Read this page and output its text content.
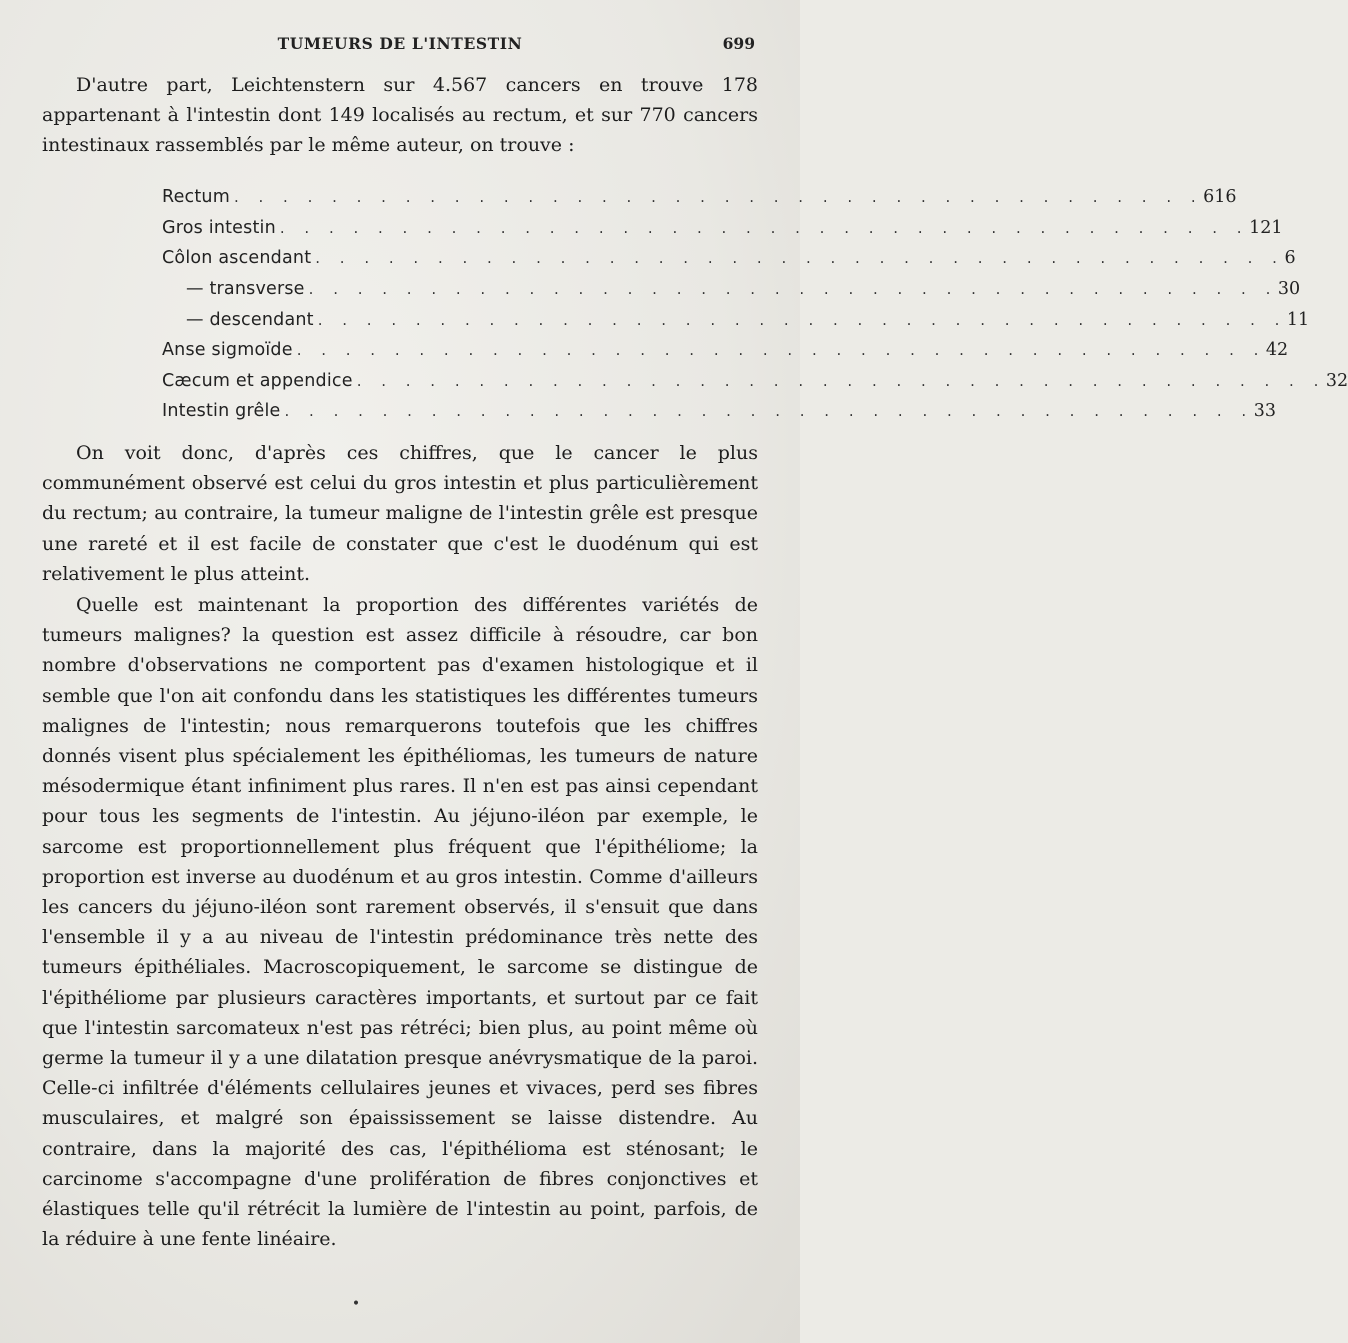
TUMEURS DE L'INTESTIN	699

D'autre part, Leichtenstern sur 4.567 cancers en trouve 178 appartenant à l'intestin dont 149 localisés au rectum, et sur 770 cancers intestinaux rassemblés par le même auteur, on trouve :

Rectum . . . . . . . . . . . . . . . . . . . . . . . . . . . . . . . . . . . . . . . . 616
Gros intestin . . . . . . . . . . . . . . . . . . . . . . . . . . . . . . . . . . . . . . . . 121
Côlon ascendant . . . . . . . . . . . . . . . . . . . . . . . . . . . . . . . . . . . . . . . . 6
— transverse . . . . . . . . . . . . . . . . . . . . . . . . . . . . . . . . . . . . . . . . 30
— descendant . . . . . . . . . . . . . . . . . . . . . . . . . . . . . . . . . . . . . . . . 11
Anse sigmoïde . . . . . . . . . . . . . . . . . . . . . . . . . . . . . . . . . . . . . . . . 42
Cæcum et appendice . . . . . . . . . . . . . . . . . . . . . . . . . . . . . . . . . . . . . . . . 32
Intestin grêle . . . . . . . . . . . . . . . . . . . . . . . . . . . . . . . . . . . . . . . . 33

On voit donc, d'après ces chiffres, que le cancer le plus communément observé est celui du gros intestin et plus particulièrement du rectum; au contraire, la tumeur maligne de l'intestin grêle est presque une rareté et il est facile de constater que c'est le duodénum qui est relativement le plus atteint.

Quelle est maintenant la proportion des différentes variétés de tumeurs malignes? la question est assez difficile à résoudre, car bon nombre d'observations ne comportent pas d'examen histologique et il semble que l'on ait confondu dans les statistiques les différentes tumeurs malignes de l'intestin; nous remarquerons toutefois que les chiffres donnés visent plus spécialement les épithéliomas, les tumeurs de nature mésodermique étant infiniment plus rares. Il n'en est pas ainsi cependant pour tous les segments de l'intestin. Au jéjuno-iléon par exemple, le sarcome est proportionnellement plus fréquent que l'épithéliome; la proportion est inverse au duodénum et au gros intestin. Comme d'ailleurs les cancers du jéjuno-iléon sont rarement observés, il s'ensuit que dans l'ensemble il y a au niveau de l'intestin prédominance très nette des tumeurs épithéliales. Macroscopiquement, le sarcome se distingue de l'épithéliome par plusieurs caractères importants, et surtout par ce fait que l'intestin sarcomateux n'est pas rétréci; bien plus, au point même où germe la tumeur il y a une dilatation presque anévrysmatique de la paroi. Celle-ci infiltrée d'éléments cellulaires jeunes et vivaces, perd ses fibres musculaires, et malgré son épaississement se laisse distendre. Au contraire, dans la majorité des cas, l'épithélioma est sténosant; le carcinome s'accompagne d'une prolifération de fibres conjonctives et élastiques telle qu'il rétrécit la lumière de l'intestin au point, parfois, de la réduire à une fente linéaire.

•
